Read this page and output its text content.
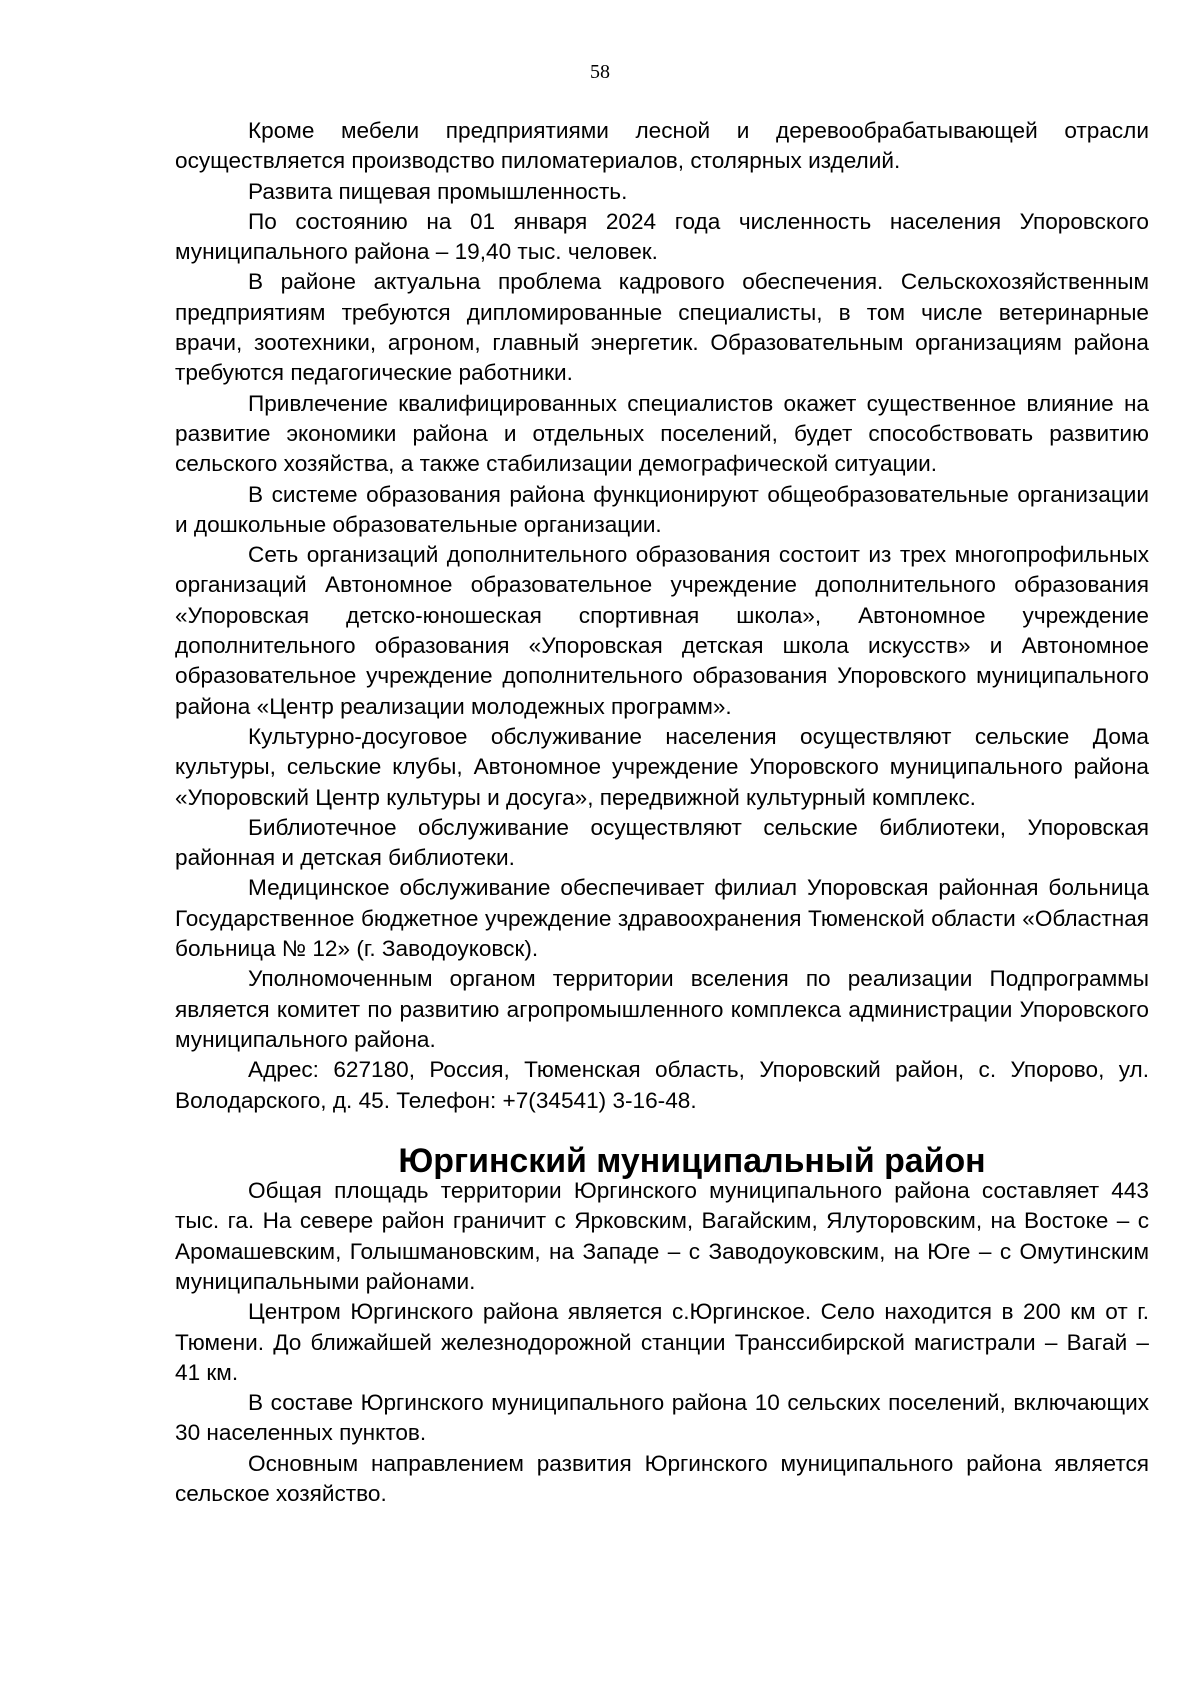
58

Кроме мебели предприятиями лесной и деревообрабатывающей отрасли осуществляется производство пиломатериалов, столярных изделий.

Развита пищевая промышленность.

По состоянию на 01 января 2024 года численность населения Упоровского муниципального района – 19,40 тыс. человек.

В районе актуальна проблема кадрового обеспечения. Сельскохозяйственным предприятиям требуются дипломированные специалисты, в том числе ветеринарные врачи, зоотехники, агроном, главный энергетик. Образовательным организациям района требуются педагогические работники.

Привлечение квалифицированных специалистов окажет существенное влияние на развитие экономики района и отдельных поселений, будет способствовать развитию сельского хозяйства, а также стабилизации демографической ситуации.

В системе образования района функционируют общеобразовательные организации и дошкольные образовательные организации.

Сеть организаций дополнительного образования состоит из трех многопрофильных организаций Автономное образовательное учреждение дополнительного образования «Упоровская детско-юношеская спортивная школа», Автономное учреждение дополнительного образования «Упоровская детская школа искусств» и Автономное образовательное учреждение дополнительного образования Упоровского муниципального района «Центр реализации молодежных программ».

Культурно-досуговое обслуживание населения осуществляют сельские Дома культуры, сельские клубы, Автономное учреждение Упоровского муниципального района «Упоровский Центр культуры и досуга», передвижной культурный комплекс.

Библиотечное обслуживание осуществляют сельские библиотеки, Упоровская районная и детская библиотеки.

Медицинское обслуживание обеспечивает филиал Упоровская районная больница Государственное бюджетное учреждение здравоохранения Тюменской области «Областная больница № 12» (г. Заводоуковск).

Уполномоченным органом территории вселения по реализации Подпрограммы является комитет по развитию агропромышленного комплекса администрации Упоровского муниципального района.

Адрес: 627180, Россия, Тюменская область, Упоровский район, с. Упорово, ул. Володарского, д. 45. Телефон: +7(34541) 3-16-48.

Юргинский муниципальный район

Общая площадь территории Юргинского муниципального района составляет 443 тыс. га. На севере район граничит с Ярковским, Вагайским, Ялуторовским, на Востоке – с Аромашевским, Голышмановским, на Западе – с Заводоуковским, на Юге – с Омутинским муниципальными районами.

Центром Юргинского района является с.Юргинское. Село находится в 200 км от г. Тюмени. До ближайшей железнодорожной станции Транссибирской магистрали – Вагай – 41 км.

В составе Юргинского муниципального района 10 сельских поселений, включающих 30 населенных пунктов.

Основным направлением развития Юргинского муниципального района является сельское хозяйство.
